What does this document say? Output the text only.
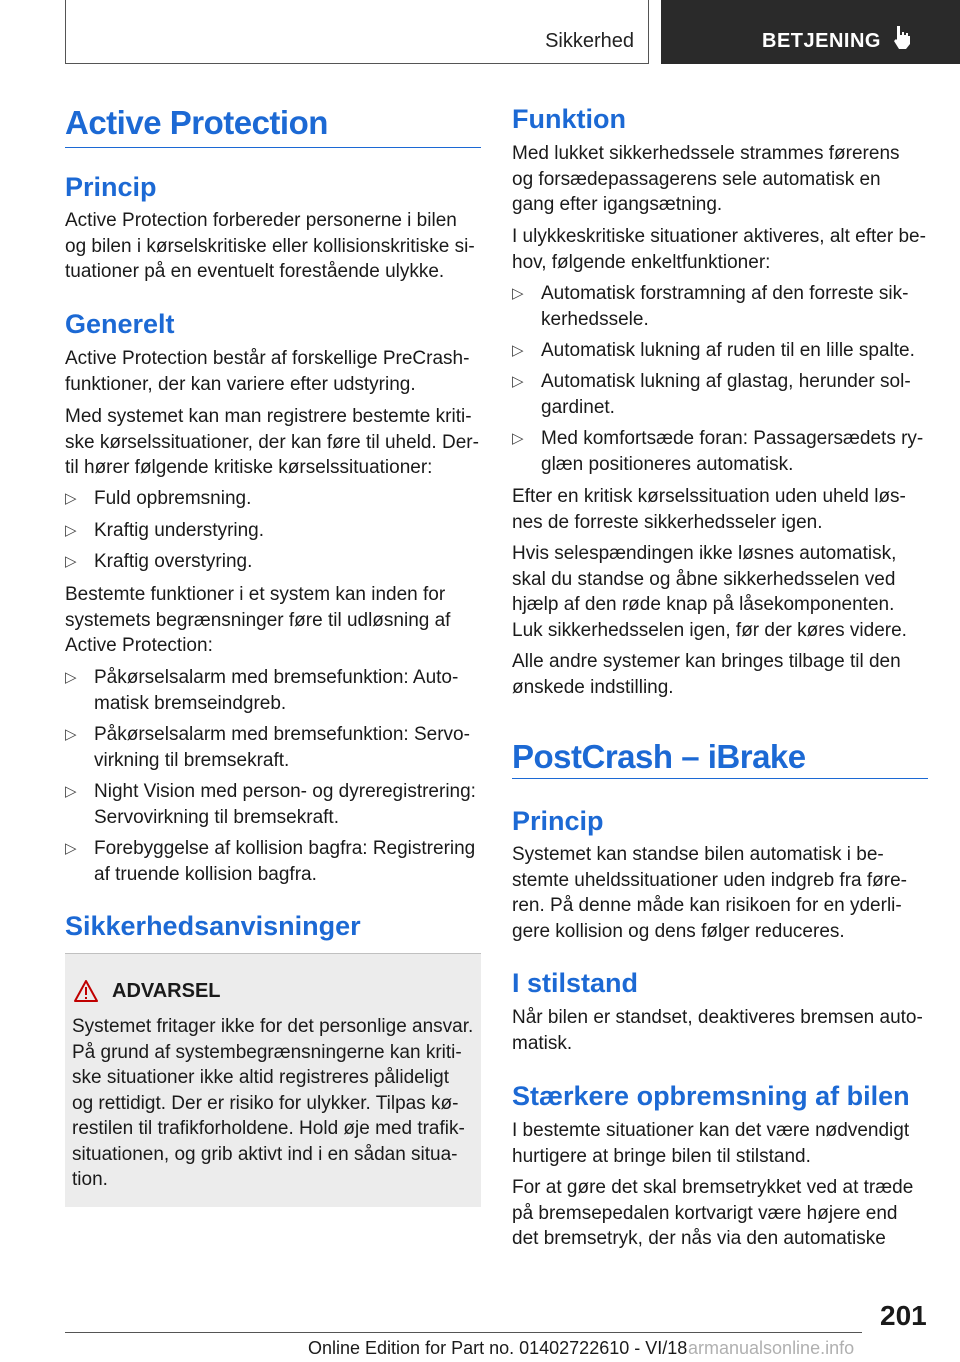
Sikkerhed	BETJENING
Active Protection
Princip

Active Protection forbereder personerne i bilen

og bilen i kørselskritiske eller kollisionskritiske si-

tuationer på en eventuelt forestående ulykke.

Generelt

Active Protection består af forskellige PreCrash-

funktioner, der kan variere efter udstyring.

Med systemet kan man registrere bestemte kriti-

ske kørselssituationer, der kan føre til uheld. Der-

til hører følgende kritiske kørselssituationer:

▷ Fuld opbremsning.
▷ Kraftig understyring.
▷ Kraftig overstyring.

Bestemte funktioner i et system kan inden for

systemets begrænsninger føre til udløsning af

Active Protection:

▷ Påkørselsalarm med bremsefunktion: Auto-
matisk bremseindgreb.
▷ Påkørselsalarm med bremsefunktion: Servo-
virkning til bremsekraft.
▷ Night Vision med person- og dyreregistrering:
Servovirkning til bremsekraft.
▷ Forebyggelse af kollision bagfra: Registrering
af truende kollision bagfra.
Sikkerhedsanvisninger
ADVARSEL

Systemet fritager ikke for det personlige ansvar.

På grund af systembegrænsningerne kan kriti-

ske situationer ikke altid registreres pålideligt

og rettidigt. Der er risiko for ulykker. Tilpas kø-

restilen til trafikforholdene. Hold øje med trafik-

situationen, og grib aktivt ind i en sådan situa-

tion.

Funktion

Med lukket sikkerhedssele strammes førerens

og forsædepassagerens sele automatisk en

gang efter igangsætning.

I ulykkeskritiske situationer aktiveres, alt efter be-

hov, følgende enkeltfunktioner:

▷ Automatisk forstramning af den forreste sik-
kerhedssele.
▷ Automatisk lukning af ruden til en lille spalte.
▷ Automatisk lukning af glastag, herunder sol-
gardinet.
▷ Med komfortsæde foran: Passagersædets ry-
glæn positioneres automatisk.

Efter en kritisk kørselssituation uden uheld løs-

nes de forreste sikkerhedsseler igen.

Hvis selespændingen ikke løsnes automatisk,

skal du standse og åbne sikkerhedsselen ved

hjælp af den røde knap på låsekomponenten.

Luk sikkerhedsselen igen, før der køres videre.

Alle andre systemer kan bringes tilbage til den

ønskede indstilling.

PostCrash – iBrake
Princip

Systemet kan standse bilen automatisk i be-

stemte uheldssituationer uden indgreb fra føre-

ren. På denne måde kan risikoen for en yderli-

gere kollision og dens følger reduceres.

I stilstand

Når bilen er standset, deaktiveres bremsen auto-

matisk.

Stærkere opbremsning af bilen

I bestemte situationer kan det være nødvendigt

hurtigere at bringe bilen til stilstand.

For at gøre det skal bremsetrykket ved at træde

på bremsepedalen kortvarigt være højere end

det bremsetryk, der nås via den automatiske

201
Online Edition for Part no. 01402722610 - VI/18 armanualsonline.info
